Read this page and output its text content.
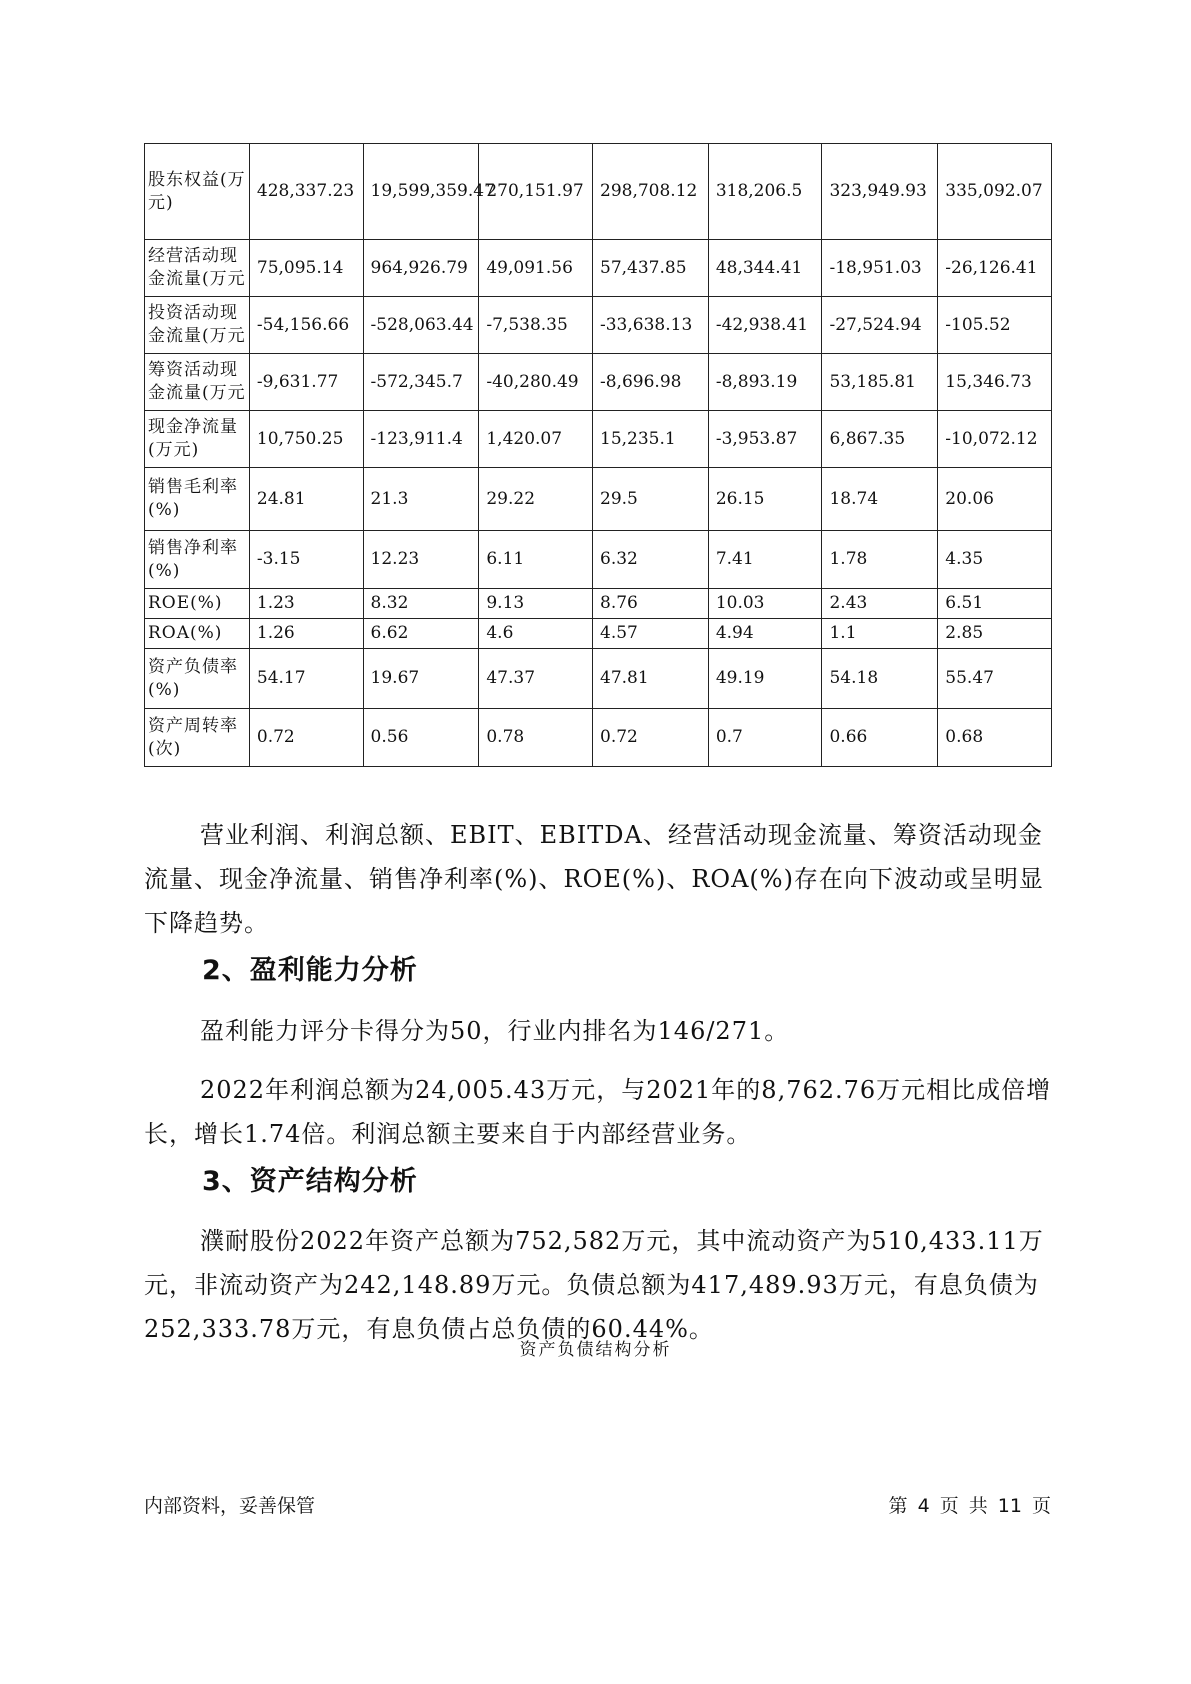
股东权益(万元)	428,337.23	19,599,359.47	270,151.97	298,708.12	318,206.5	323,949.93	335,092.07
经营活动现金流量(万元	75,095.14	964,926.79	49,091.56	57,437.85	48,344.41	-18,951.03	-26,126.41
投资活动现金流量(万元	-54,156.66	-528,063.44	-7,538.35	-33,638.13	-42,938.41	-27,524.94	-105.52
筹资活动现金流量(万元	-9,631.77	-572,345.7	-40,280.49	-8,696.98	-8,893.19	53,185.81	15,346.73
现金净流量(万元)	10,750.25	-123,911.4	1,420.07	15,235.1	-3,953.87	6,867.35	-10,072.12
销售毛利率(%)	24.81	21.3	29.22	29.5	26.15	18.74	20.06
销售净利率(%)	-3.15	12.23	6.11	6.32	7.41	1.78	4.35
ROE(%)	1.23	8.32	9.13	8.76	10.03	2.43	6.51
ROA(%)	1.26	6.62	4.6	4.57	4.94	1.1	2.85
资产负债率(%)	54.17	19.67	47.37	47.81	49.19	54.18	55.47
资产周转率(次)	0.72	0.56	0.78	0.72	0.7	0.66	0.68

营业利润、利润总额、EBIT、EBITDA、经营活动现金流量、筹资活动现金流量、现金净流量、销售净利率(%)、ROE(%)、ROA(%)存在向下波动或呈明显下降趋势。

2、盈利能力分析

盈利能力评分卡得分为50，行业内排名为146/271。

2022年利润总额为24,005.43万元，与2021年的8,762.76万元相比成倍增长，增长1.74倍。利润总额主要来自于内部经营业务。

3、资产结构分析

濮耐股份2022年资产总额为752,582万元，其中流动资产为510,433.11万元，非流动资产为242,148.89万元。负债总额为417,489.93万元，有息负债为252,333.78万元，有息负债占总负债的60.44%。

资产负债结构分析
内部资料，妥善保管	第 4 页 共 11 页
